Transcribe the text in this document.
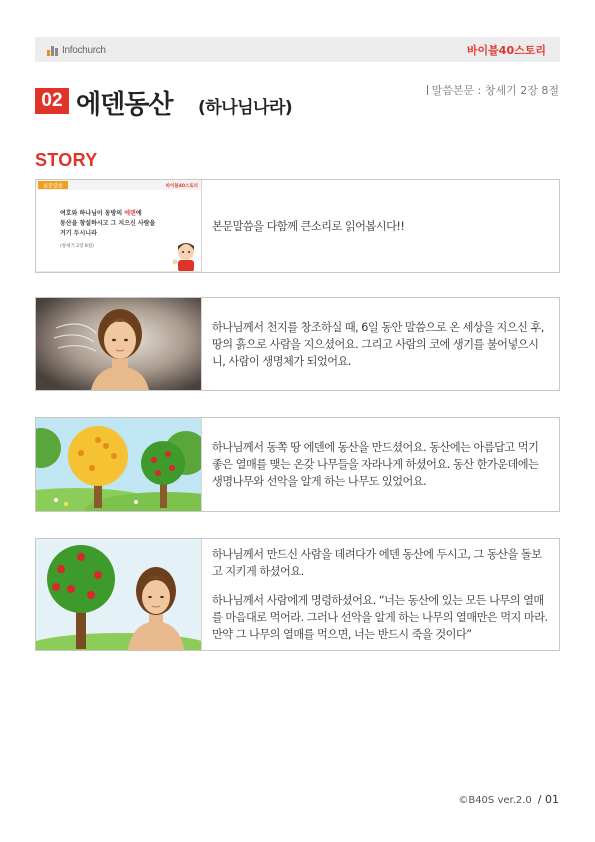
Infochurch	바이블40스토리
02 에덴동산 (하나님나라)
말씀본문 : 창세기 2장 8절
STORY
본문말씀	바이블40스토리
여호와 하나님이 동방의 에덴에
동산을 창설하시고 그 지으신 사람을
거기 두시니라
(창세기 2장 8절)

본문말씀을 다함께 큰소리로 읽어봅시다!!

하나님께서 천지를 창조하실 때, 6일 동안 말씀으로 온 세상을 지으신 후, 땅의 흙으로 사람을 지으셨어요. 그리고 사람의 코에 생기를 불어넣으시니, 사람이 생명체가 되었어요.

하나님께서 동쪽 땅 에덴에 동산을 만드셨어요. 동산에는 아름답고 먹기 좋은 열매를 맺는 온갖 나무들을 자라나게 하셨어요. 동산 한가운데에는 생명나무와 선악을 알게 하는 나무도 있었어요.

하나님께서 만드신 사람을 데려다가 에덴 동산에 두시고, 그 동산을 돌보고 지키게 하셨어요.

하나님께서 사람에게 명령하셨어요. “너는 동산에 있는 모든 나무의 열매를 마음대로 먹어라. 그러나 선악을 알게 하는 나무의 열매만은 먹지 마라. 만약 그 나무의 열매를 먹으면, 너는 반드시 죽을 것이다”

©B40S ver.2.0 / 01
